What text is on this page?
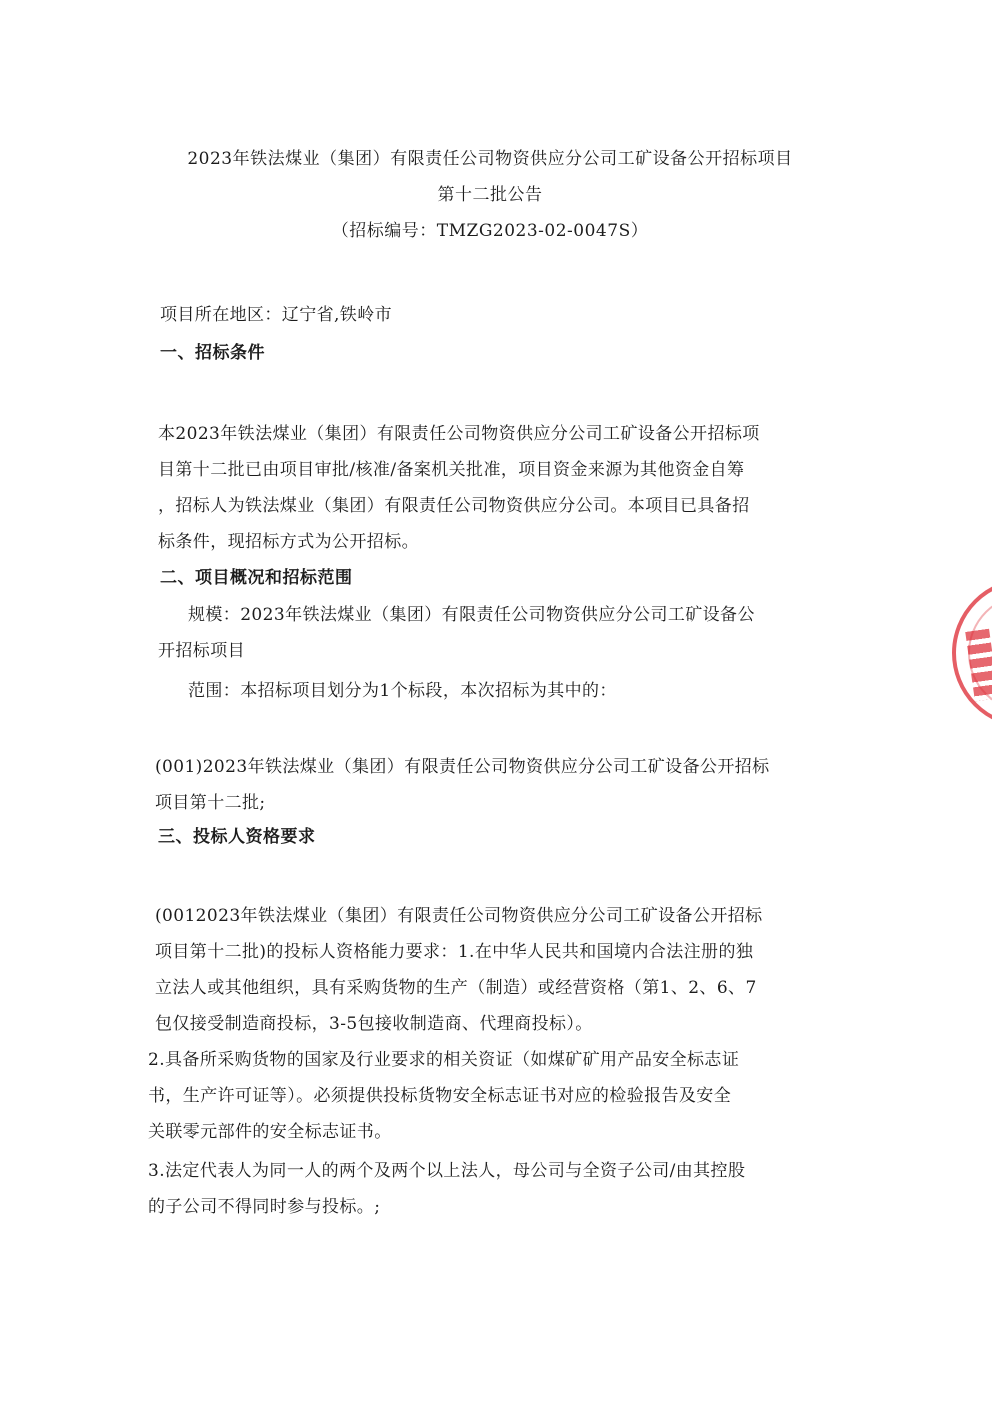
2023年铁法煤业（集团）有限责任公司物资供应分公司工矿设备公开招标项目
第十二批公告
（招标编号：TMZG2023-02-0047S）
项目所在地区：辽宁省,铁岭市
一、招标条件
本2023年铁法煤业（集团）有限责任公司物资供应分公司工矿设备公开招标项
目第十二批已由项目审批/核准/备案机关批准，项目资金来源为其他资金自筹
，招标人为铁法煤业（集团）有限责任公司物资供应分公司。本项目已具备招
标条件，现招标方式为公开招标。
二、项目概况和招标范围
规模：2023年铁法煤业（集团）有限责任公司物资供应分公司工矿设备公
开招标项目
范围：本招标项目划分为1个标段，本次招标为其中的：
(001)2023年铁法煤业（集团）有限责任公司物资供应分公司工矿设备公开招标
项目第十二批;
三、投标人资格要求
(0012023年铁法煤业（集团）有限责任公司物资供应分公司工矿设备公开招标
项目第十二批)的投标人资格能力要求：1.在中华人民共和国境内合法注册的独
立法人或其他组织，具有采购货物的生产（制造）或经营资格（第1、2、6、7
包仅接受制造商投标，3-5包接收制造商、代理商投标）。
2.具备所采购货物的国家及行业要求的相关资证（如煤矿矿用产品安全标志证
书，生产许可证等）。必须提供投标货物安全标志证书对应的检验报告及安全
关联零元部件的安全标志证书。
3.法定代表人为同一人的两个及两个以上法人，母公司与全资子公司/由其控股
的子公司不得同时参与投标。;
